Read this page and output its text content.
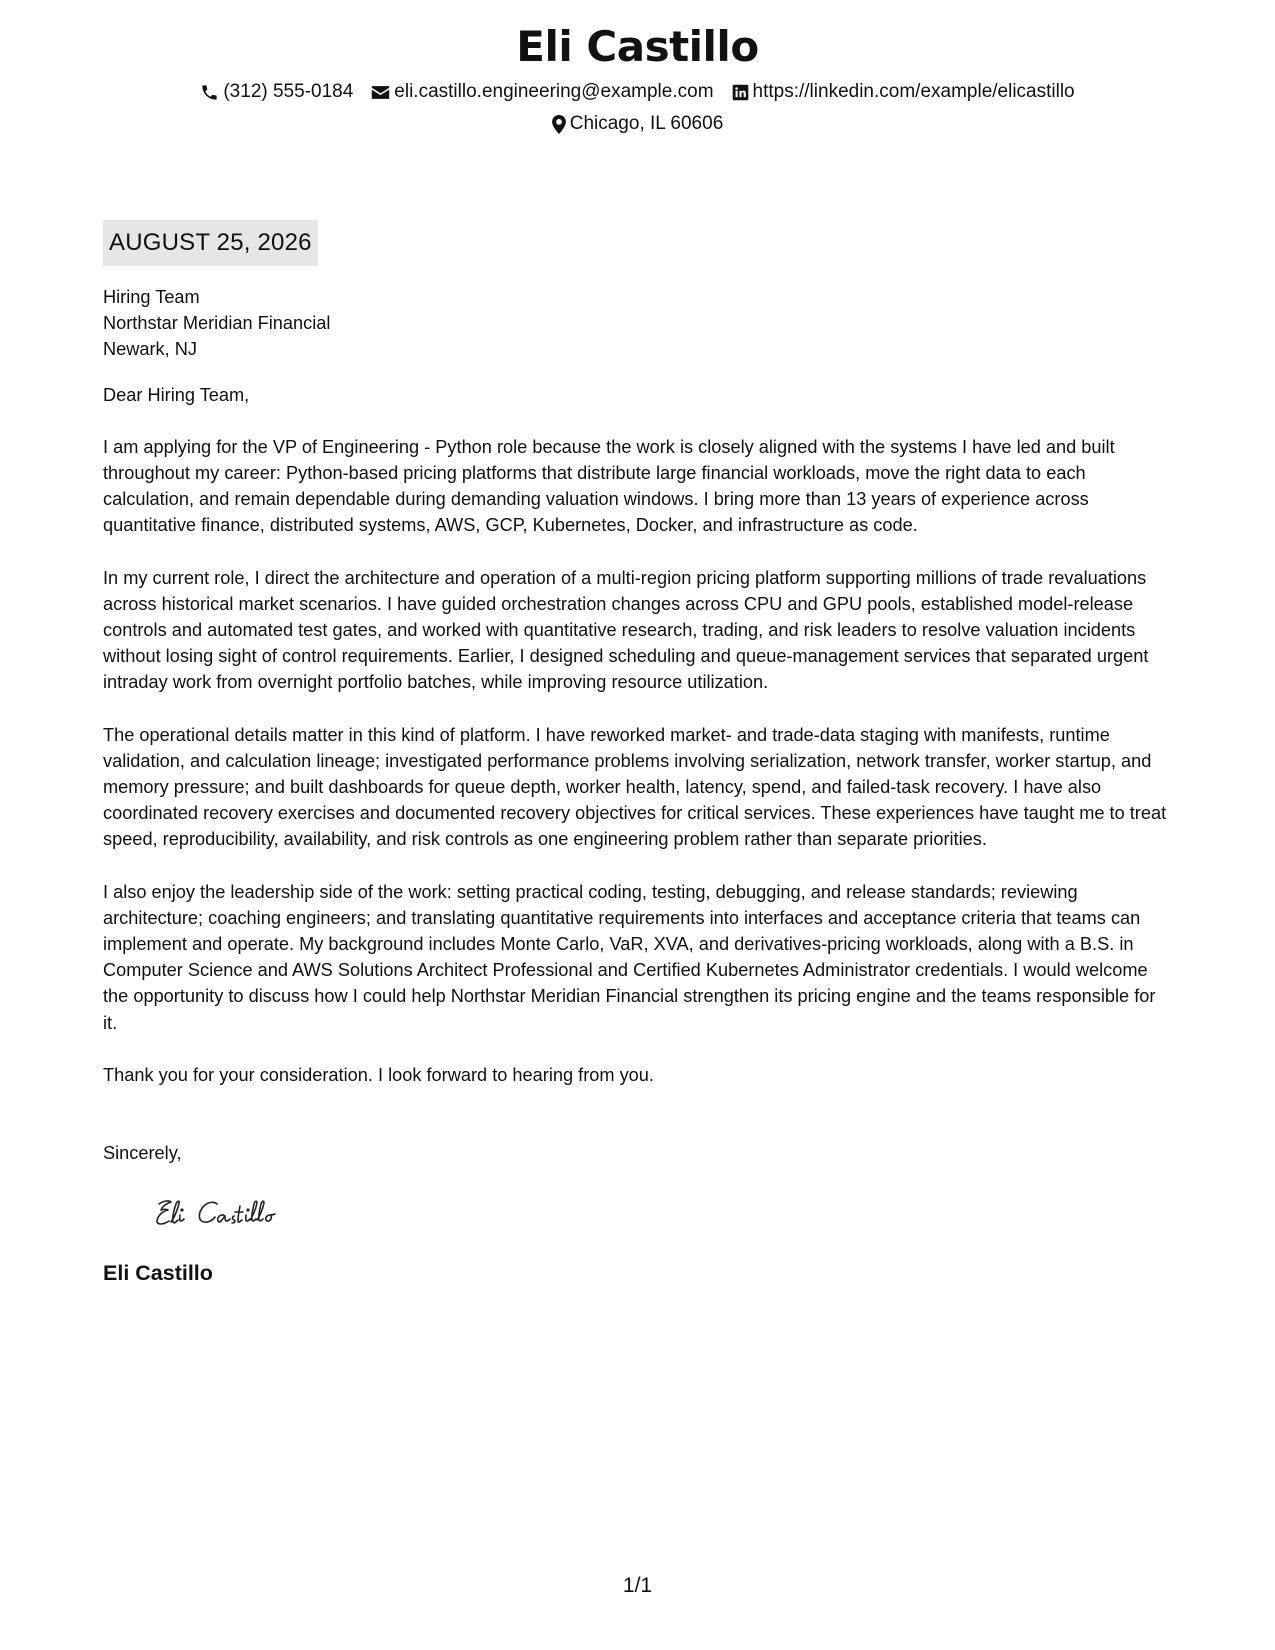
Eli Castillo
(312) 555-0184 eli.castillo.engineering@example.com https://linkedin.com/example/elicastillo
Chicago, IL 60606
AUGUST 25, 2026
Hiring Team
Northstar Meridian Financial
Newark, NJ
Dear Hiring Team,

I am applying for the VP of Engineering - Python role because the work is closely aligned with the systems I have led and built throughout my career: Python-based pricing platforms that distribute large financial workloads, move the right data to each calculation, and remain dependable during demanding valuation windows. I bring more than 13 years of experience across quantitative finance, distributed systems, AWS, GCP, Kubernetes, Docker, and infrastructure as code.

In my current role, I direct the architecture and operation of a multi-region pricing platform supporting millions of trade revaluations across historical market scenarios. I have guided orchestration changes across CPU and GPU pools, established model-release controls and automated test gates, and worked with quantitative research, trading, and risk leaders to resolve valuation incidents without losing sight of control requirements. Earlier, I designed scheduling and queue-management services that separated urgent intraday work from overnight portfolio batches, while improving resource utilization.

The operational details matter in this kind of platform. I have reworked market- and trade-data staging with manifests, runtime validation, and calculation lineage; investigated performance problems involving serialization, network transfer, worker startup, and memory pressure; and built dashboards for queue depth, worker health, latency, spend, and failed-task recovery. I have also coordinated recovery exercises and documented recovery objectives for critical services. These experiences have taught me to treat speed, reproducibility, availability, and risk controls as one engineering problem rather than separate priorities.

I also enjoy the leadership side of the work: setting practical coding, testing, debugging, and release standards; reviewing architecture; coaching engineers; and translating quantitative requirements into interfaces and acceptance criteria that teams can implement and operate. My background includes Monte Carlo, VaR, XVA, and derivatives-pricing workloads, along with a B.S. in Computer Science and AWS Solutions Architect Professional and Certified Kubernetes Administrator credentials. I would welcome the opportunity to discuss how I could help Northstar Meridian Financial strengthen its pricing engine and the teams responsible for it.

Thank you for your consideration. I look forward to hearing from you.

Sincerely,
Eli Castillo
1/1
